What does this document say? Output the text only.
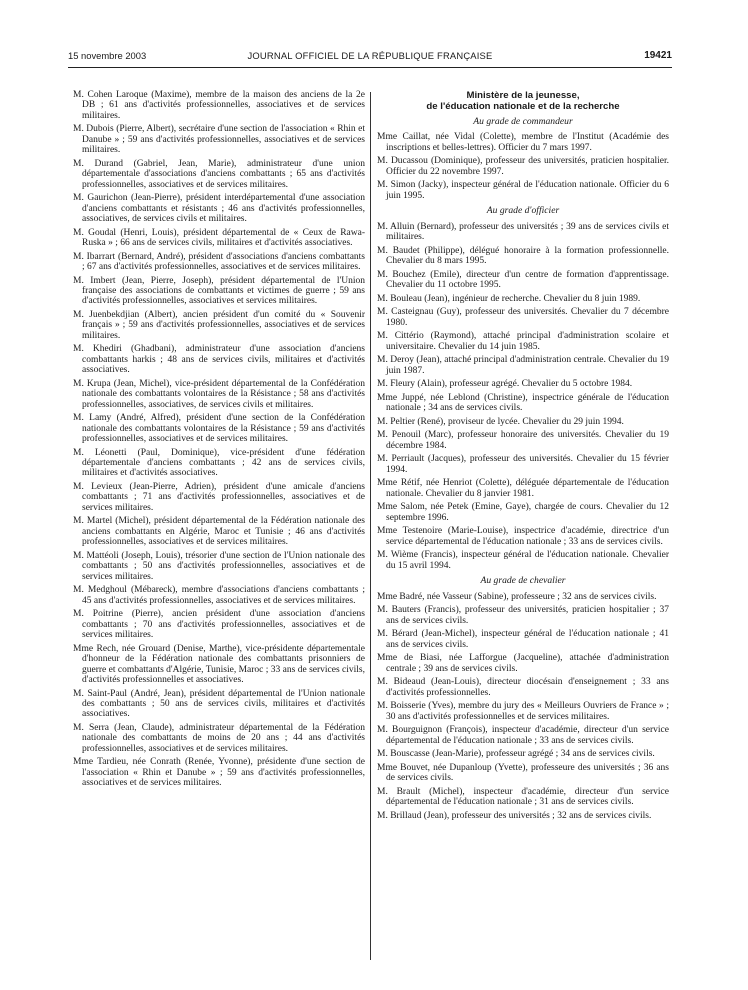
15 novembre 2003	JOURNAL OFFICIEL DE LA RÉPUBLIQUE FRANÇAISE	19421

M. Cohen Laroque (Maxime), membre de la maison des anciens de la 2e DB ; 61 ans d'activités professionnelles, associatives et de services militaires.

M. Dubois (Pierre, Albert), secrétaire d'une section de l'association « Rhin et Danube » ; 59 ans d'activités professionnelles, associatives et de services militaires.

M. Durand (Gabriel, Jean, Marie), administrateur d'une union départementale d'associations d'anciens combattants ; 65 ans d'activités professionnelles, associatives et de services militaires.

M. Gaurichon (Jean-Pierre), président interdépartemental d'une association d'anciens combattants et résistants ; 46 ans d'activités professionnelles, associatives, de services civils et militaires.

M. Goudal (Henri, Louis), président départemental de « Ceux de Rawa-Ruska » ; 66 ans de services civils, militaires et d'activités associatives.

M. Ibarrart (Bernard, André), président d'associations d'anciens combattants ; 67 ans d'activités professionnelles, associatives et de services militaires.

M. Imbert (Jean, Pierre, Joseph), président départemental de l'Union française des associations de combattants et victimes de guerre ; 59 ans d'activités professionnelles, associatives et services militaires.

M. Juenbekdjian (Albert), ancien président d'un comité du « Souvenir français » ; 59 ans d'activités professionnelles, associatives et de services militaires.

M. Khediri (Ghadbani), administrateur d'une association d'anciens combattants harkis ; 48 ans de services civils, militaires et d'activités associatives.

M. Krupa (Jean, Michel), vice-président départemental de la Confédération nationale des combattants volontaires de la Résistance ; 58 ans d'activités professionnelles, associatives, de services civils et militaires.

M. Lamy (André, Alfred), président d'une section de la Confédération nationale des combattants volontaires de la Résistance ; 59 ans d'activités professionnelles, associatives et de services militaires.

M. Léonetti (Paul, Dominique), vice-président d'une fédération départementale d'anciens combattants ; 42 ans de services civils, militaires et d'activités associatives.

M. Levieux (Jean-Pierre, Adrien), président d'une amicale d'anciens combattants ; 71 ans d'activités professionnelles, associatives et de services militaires.

M. Martel (Michel), président départemental de la Fédération nationale des anciens combattants en Algérie, Maroc et Tunisie ; 46 ans d'activités professionnelles, associatives et de services militaires.

M. Mattéoli (Joseph, Louis), trésorier d'une section de l'Union nationale des combattants ; 50 ans d'activités professionnelles, associatives et de services militaires.

M. Medghoul (Mébareck), membre d'associations d'anciens combattants ; 45 ans d'activités professionnelles, associatives et de services militaires.

M. Poitrine (Pierre), ancien président d'une association d'anciens combattants ; 70 ans d'activités professionnelles, associatives et de services militaires.

Mme Rech, née Grouard (Denise, Marthe), vice-présidente départementale d'honneur de la Fédération nationale des combattants prisonniers de guerre et combattants d'Algérie, Tunisie, Maroc ; 33 ans de services civils, d'activités professionnelles et associatives.

M. Saint-Paul (André, Jean), président départemental de l'Union nationale des combattants ; 50 ans de services civils, militaires et d'activités associatives.

M. Serra (Jean, Claude), administrateur départemental de la Fédération nationale des combattants de moins de 20 ans ; 44 ans d'activités professionnelles, associatives et de services militaires.

Mme Tardieu, née Conrath (Renée, Yvonne), présidente d'une section de l'association « Rhin et Danube » ; 59 ans d'activités professionnelles, associatives et de services militaires.

Ministère de la jeunesse,
de l'éducation nationale et de la recherche
Au grade de commandeur

Mme Caillat, née Vidal (Colette), membre de l'Institut (Académie des inscriptions et belles-lettres). Officier du 7 mars 1997.

M. Ducassou (Dominique), professeur des universités, praticien hospitalier. Officier du 22 novembre 1997.

M. Simon (Jacky), inspecteur général de l'éducation nationale. Officier du 6 juin 1995.

Au grade d'officier

M. Alluin (Bernard), professeur des universités ; 39 ans de services civils et militaires.

M. Baudet (Philippe), délégué honoraire à la formation professionnelle. Chevalier du 8 mars 1995.

M. Bouchez (Emile), directeur d'un centre de formation d'apprentissage. Chevalier du 11 octobre 1995.

M. Bouleau (Jean), ingénieur de recherche. Chevalier du 8 juin 1989.

M. Casteignau (Guy), professeur des universités. Chevalier du 7 décembre 1980.

M. Cittério (Raymond), attaché principal d'administration scolaire et universitaire. Chevalier du 14 juin 1985.

M. Deroy (Jean), attaché principal d'administration centrale. Chevalier du 19 juin 1987.

M. Fleury (Alain), professeur agrégé. Chevalier du 5 octobre 1984.

Mme Juppé, née Leblond (Christine), inspectrice générale de l'éducation nationale ; 34 ans de services civils.

M. Peltier (René), proviseur de lycée. Chevalier du 29 juin 1994.

M. Penouil (Marc), professeur honoraire des universités. Chevalier du 19 décembre 1984.

M. Perriault (Jacques), professeur des universités. Chevalier du 15 février 1994.

Mme Rétif, née Henriot (Colette), déléguée départementale de l'éducation nationale. Chevalier du 8 janvier 1981.

Mme Salom, née Petek (Emine, Gaye), chargée de cours. Chevalier du 12 septembre 1996.

Mme Testenoire (Marie-Louise), inspectrice d'académie, directrice d'un service départemental de l'éducation nationale ; 33 ans de services civils.

M. Wième (Francis), inspecteur général de l'éducation nationale. Chevalier du 15 avril 1994.

Au grade de chevalier

Mme Badré, née Vasseur (Sabine), professeure ; 32 ans de services civils.

M. Bauters (Francis), professeur des universités, praticien hospitalier ; 37 ans de services civils.

M. Bérard (Jean-Michel), inspecteur général de l'éducation nationale ; 41 ans de services civils.

Mme de Biasi, née Lafforgue (Jacqueline), attachée d'administration centrale ; 39 ans de services civils.

M. Bideaud (Jean-Louis), directeur diocésain d'enseignement ; 33 ans d'activités professionnelles.

M. Boisserie (Yves), membre du jury des « Meilleurs Ouvriers de France » ; 30 ans d'activités professionnelles et de services militaires.

M. Bourguignon (François), inspecteur d'académie, directeur d'un service départemental de l'éducation nationale ; 33 ans de services civils.

M. Bouscasse (Jean-Marie), professeur agrégé ; 34 ans de services civils.

Mme Bouvet, née Dupanloup (Yvette), professeure des universités ; 36 ans de services civils.

M. Brault (Michel), inspecteur d'académie, directeur d'un service départemental de l'éducation nationale ; 31 ans de services civils.

M. Brillaud (Jean), professeur des universités ; 32 ans de services civils.
